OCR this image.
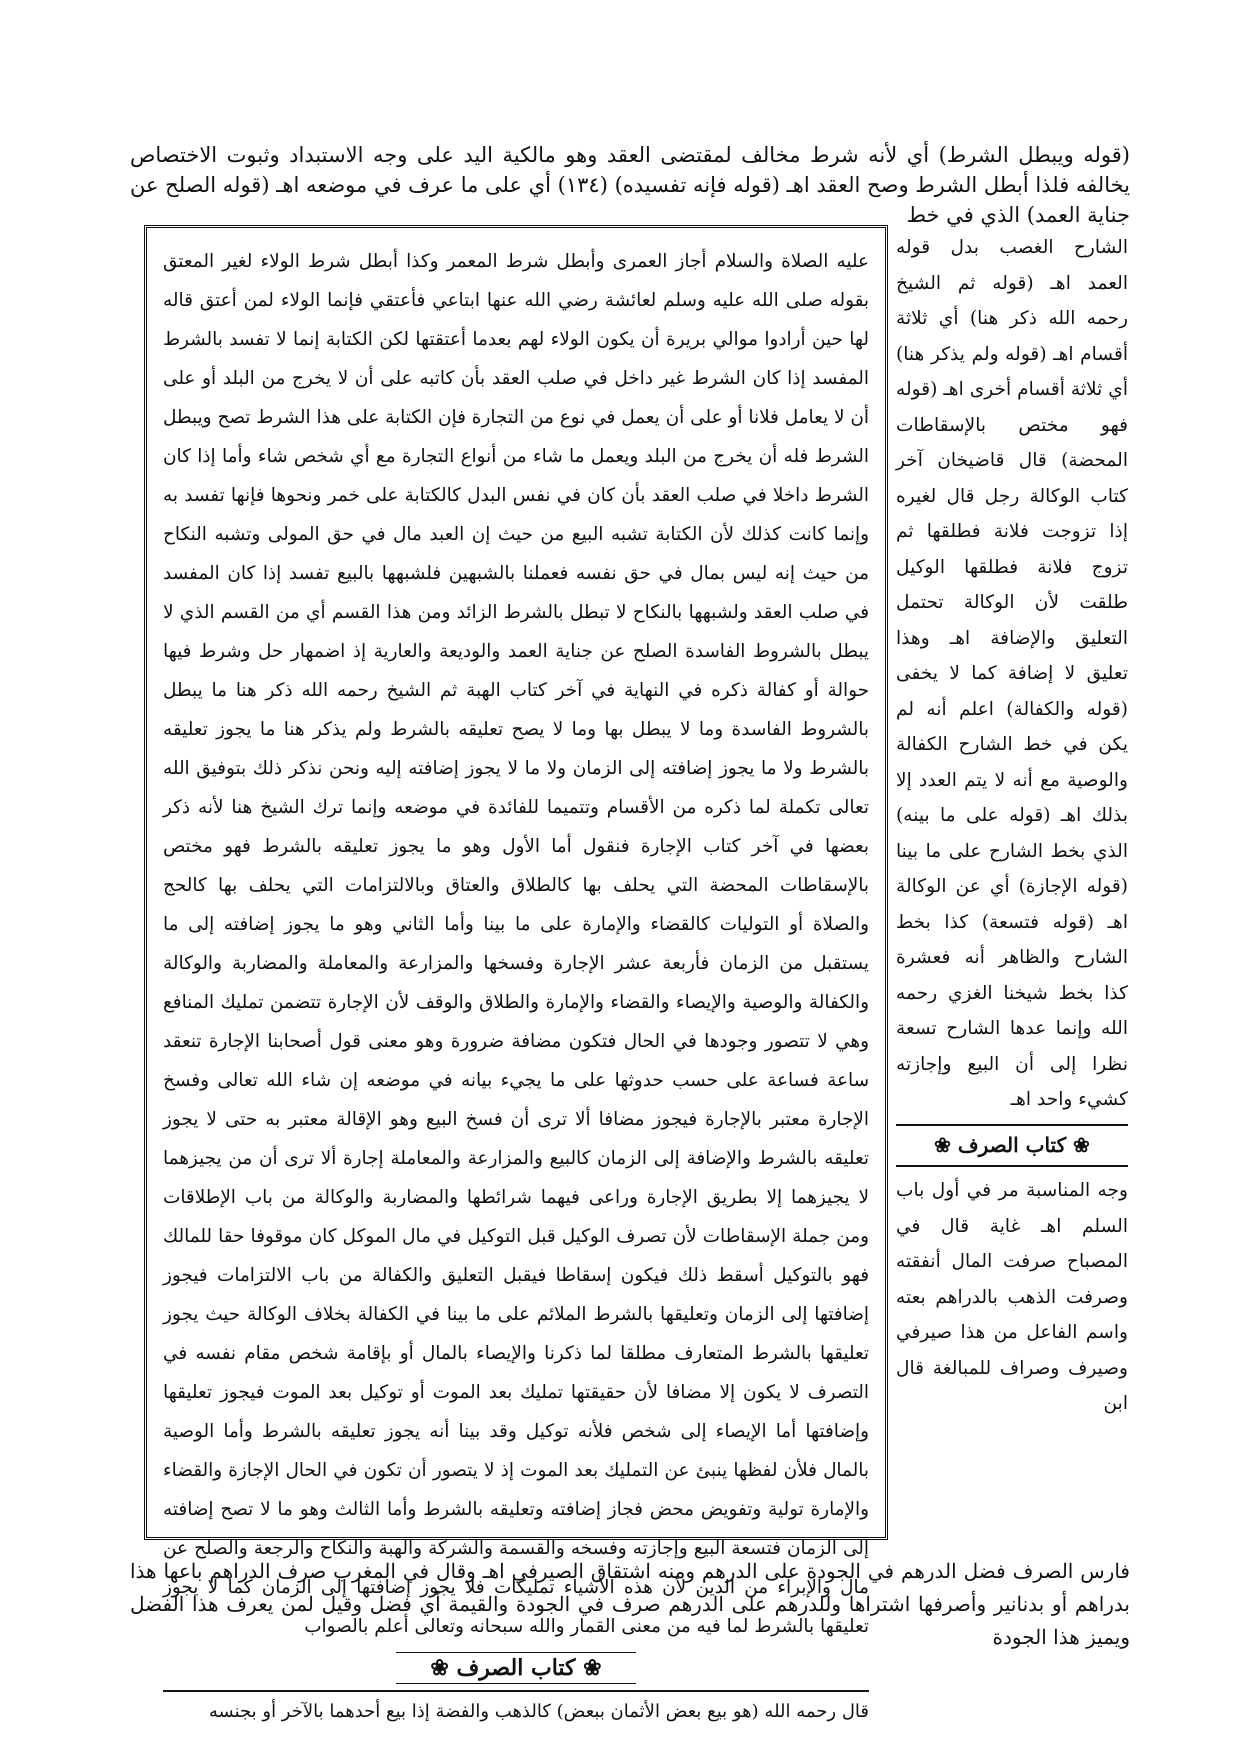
(قوله ويبطل الشرط) أي لأنه شرط مخالف لمقتضى العقد وهو مالكية اليد على وجه الاستبداد وثبوت الاختصاص يخالفه فلذا أبطل الشرط وصح العقد اهـ (قوله فإنه تفسيده) (١٣٤) أي على ما عرف في موضعه اهـ (قوله الصلح عن جناية العمد) الذي في خط
عليه الصلاة والسلام أجاز العمرى وأبطل شرط المعمر وكذا أبطل شرط الولاء لغير المعتق بقوله صلى الله عليه وسلم لعائشة رضي الله عنها ابتاعي فأعتقي فإنما الولاء لمن أعتق قاله لها حين أرادوا موالي بريرة أن يكون الولاء لهم بعدما أعتقتها لكن الكتابة إنما لا تفسد بالشرط المفسد إذا كان الشرط غير داخل في صلب العقد بأن كاتبه على أن لا يخرج من البلد أو على أن لا يعامل فلانا أو على أن يعمل في نوع من التجارة فإن الكتابة على هذا الشرط تصح ويبطل الشرط فله أن يخرج من البلد ويعمل ما شاء من أنواع التجارة مع أي شخص شاء وأما إذا كان الشرط داخلا في صلب العقد بأن كان في نفس البدل كالكتابة على خمر ونحوها فإنها تفسد به وإنما كانت كذلك لأن الكتابة تشبه البيع من حيث إن العبد مال في حق المولى وتشبه النكاح من حيث إنه ليس بمال في حق نفسه فعملنا بالشبهين فلشبهها بالبيع تفسد إذا كان المفسد في صلب العقد ولشبهها بالنكاح لا تبطل بالشرط الزائد ومن هذا القسم أي من القسم الذي لا يبطل بالشروط الفاسدة الصلح عن جناية العمد والوديعة والعارية إذ اضمهار حل وشرط فيها حوالة أو كفالة ذكره في النهاية في آخر كتاب الهبة ثم الشيخ رحمه الله ذكر هنا ما يبطل بالشروط الفاسدة وما لا يبطل بها وما لا يصح تعليقه بالشرط ولم يذكر هنا ما يجوز تعليقه بالشرط ولا ما يجوز إضافته إلى الزمان ولا ما لا يجوز إضافته إليه ونحن نذكر ذلك بتوفيق الله تعالى تكملة لما ذكره من الأقسام وتتميما للفائدة في موضعه وإنما ترك الشيخ هنا لأنه ذكر بعضها في آخر كتاب الإجارة فنقول أما الأول وهو ما يجوز تعليقه بالشرط فهو مختص بالإسقاطات المحضة التي يحلف بها كالطلاق والعتاق وبالالتزامات التي يحلف بها كالحج والصلاة أو التوليات كالقضاء والإمارة على ما بينا وأما الثاني وهو ما يجوز إضافته إلى ما يستقبل من الزمان فأربعة عشر الإجارة وفسخها والمزارعة والمعاملة والمضاربة والوكالة والكفالة والوصية والإيصاء والقضاء والإمارة والطلاق والوقف لأن الإجارة تتضمن تمليك المنافع وهي لا تتصور وجودها في الحال فتكون مضافة ضرورة وهو معنى قول أصحابنا الإجارة تنعقد ساعة فساعة على حسب حدوثها على ما يجيء بيانه في موضعه إن شاء الله تعالى وفسخ الإجارة معتبر بالإجارة فيجوز مضافا ألا ترى أن فسخ البيع وهو الإقالة معتبر به حتى لا يجوز تعليقه بالشرط والإضافة إلى الزمان كالبيع والمزارعة والمعاملة إجارة ألا ترى أن من يجيزهما لا يجيزهما إلا بطريق الإجارة وراعى فيهما شرائطها والمضاربة والوكالة من باب الإطلاقات ومن جملة الإسقاطات لأن تصرف الوكيل قبل التوكيل في مال الموكل كان موقوفا حقا للمالك فهو بالتوكيل أسقط ذلك فيكون إسقاطا فيقبل التعليق والكفالة من باب الالتزامات فيجوز إضافتها إلى الزمان وتعليقها بالشرط الملائم على ما بينا في الكفالة بخلاف الوكالة حيث يجوز تعليقها بالشرط المتعارف مطلقا لما ذكرنا والإيصاء بالمال أو بإقامة شخص مقام نفسه في التصرف لا يكون إلا مضافا لأن حقيقتها تمليك بعد الموت أو توكيل بعد الموت فيجوز تعليقها وإضافتها أما الإيصاء إلى شخص فلأنه توكيل وقد بينا أنه يجوز تعليقه بالشرط وأما الوصية بالمال فلأن لفظها ينبئ عن التمليك بعد الموت إذ لا يتصور أن تكون في الحال الإجازة والقضاء والإمارة تولية وتفويض محض فجاز إضافته وتعليقه بالشرط وأما الثالث وهو ما لا تصح إضافته إلى الزمان فتسعة البيع وإجازته وفسخه والقسمة والشركة والهبة والنكاح والرجعة والصلح عن مال والإبراء من الدين لأن هذه الأشياء تمليكات فلا يجوز إضافتها إلى الزمان كما لا يجوز تعليقها بالشرط لما فيه من معنى القمار والله سبحانه وتعالى أعلم بالصواب
❀ كتاب الصرف ❀
قال رحمه الله (هو بيع بعض الأثمان ببعض) كالذهب والفضة إذا بيع أحدهما بالآخر أو بجنسه
الشارح الغصب بدل قوله العمد اهـ (قوله ثم الشيخ رحمه الله ذكر هنا) أي ثلاثة أقسام اهـ (قوله ولم يذكر هنا) أي ثلاثة أقسام أخرى اهـ (قوله فهو مختص بالإسقاطات المحضة) قال قاضيخان آخر كتاب الوكالة رجل قال لغيره إذا تزوجت فلانة فطلقها ثم تزوج فلانة فطلقها الوكيل طلقت لأن الوكالة تحتمل التعليق والإضافة اهـ وهذا تعليق لا إضافة كما لا يخفى (قوله والكفالة) اعلم أنه لم يكن في خط الشارح الكفالة والوصية مع أنه لا يتم العدد إلا بذلك اهـ (قوله على ما بينه) الذي بخط الشارح على ما بينا (قوله الإجازة) أي عن الوكالة اهـ (قوله فتسعة) كذا بخط الشارح والظاهر أنه فعشرة كذا بخط شيخنا الغزي رحمه الله وإنما عدها الشارح تسعة نظرا إلى أن البيع وإجازته كشيء واحد اهـ
❀ كتاب الصرف ❀
وجه المناسبة مر في أول باب السلم اهـ غاية قال في المصباح صرفت المال أنفقته وصرفت الذهب بالدراهم بعته واسم الفاعل من هذا صيرفي وصيرف وصراف للمبالغة قال ابن
فارس الصرف فضل الدرهم في الجودة على الدرهم ومنه اشتقاق الصيرفي اهـ وقال في المغرب صرف الدراهم باعها هذا بدراهم أو بدنانير وأصرفها اشتراها وللدرهم على الدرهم صرف في الجودة والقيمة أي فضل وقيل لمن يعرف هذا الفضل ويميز هذا الجودة
